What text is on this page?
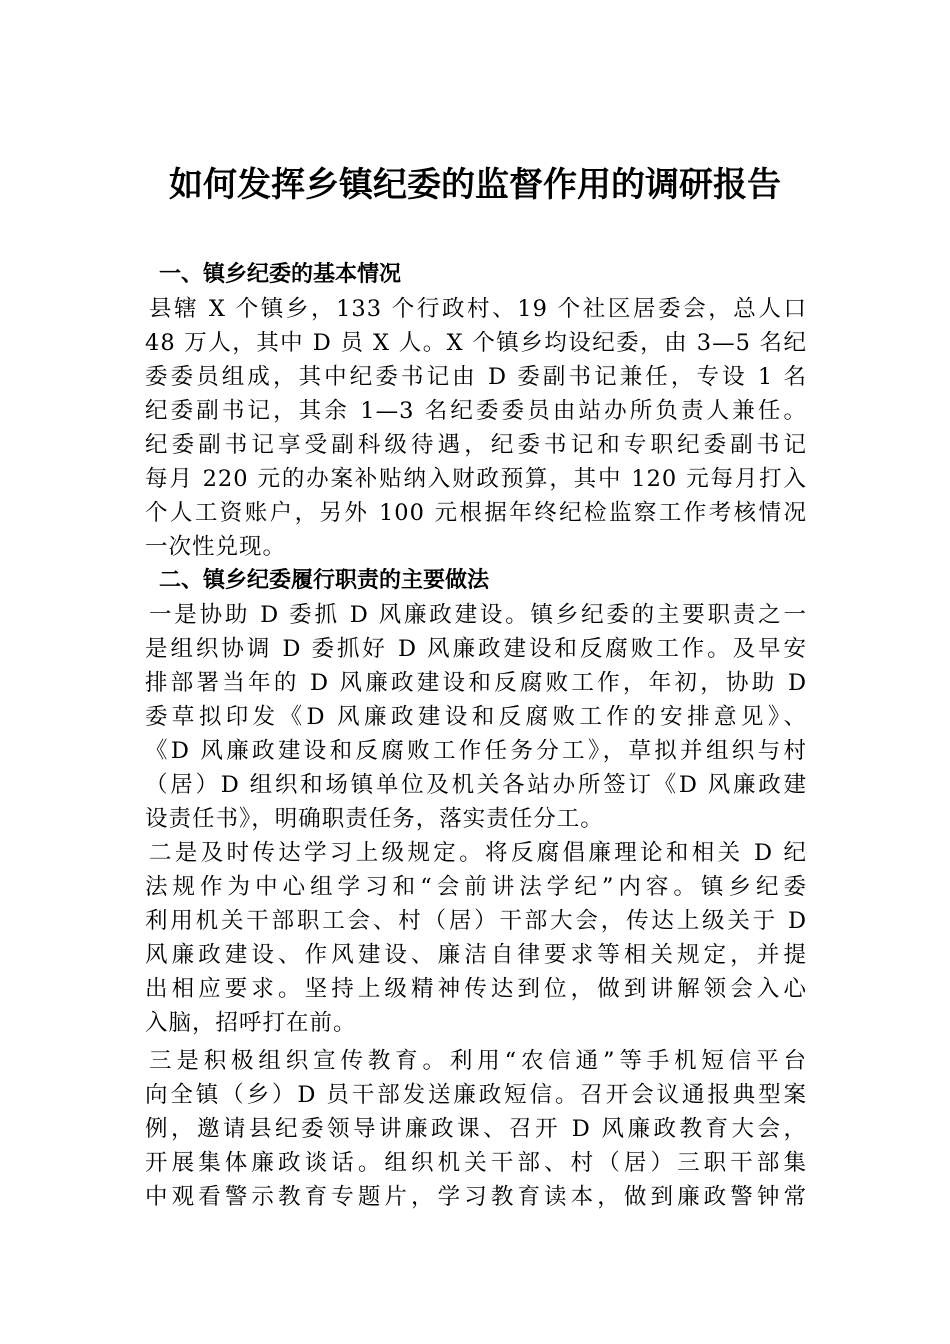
如何发挥乡镇纪委的监督作用的调研报告
一、镇乡纪委的基本情况
县辖 X 个镇乡，133 个行政村、19 个社区居委会，总人口
48 万人，其中 D 员 X 人。X 个镇乡均设纪委，由 3—5 名纪
委委员组成，其中纪委书记由 D 委副书记兼任，专设 1 名
纪委副书记，其余 1—3 名纪委委员由站办所负责人兼任。
纪委副书记享受副科级待遇，纪委书记和专职纪委副书记
每月 220 元的办案补贴纳入财政预算，其中 120 元每月打入
个人工资账户，另外 100 元根据年终纪检监察工作考核情况
一次性兑现。
二、镇乡纪委履行职责的主要做法
一是协助 D 委抓 D 风廉政建设。镇乡纪委的主要职责之一
是组织协调 D 委抓好 D 风廉政建设和反腐败工作。及早安
排部署当年的 D 风廉政建设和反腐败工作，年初，协助 D
委草拟印发《D 风廉政建设和反腐败工作的安排意见》、
《D 风廉政建设和反腐败工作任务分工》，草拟并组织与村
（居）D 组织和场镇单位及机关各站办所签订《D 风廉政建
设责任书》，明确职责任务，落实责任分工。
二是及时传达学习上级规定。将反腐倡廉理论和相关 D 纪
法规作为中心组学习和“会前讲法学纪”内容。镇乡纪委
利用机关干部职工会、村（居）干部大会，传达上级关于 D
风廉政建设、作风建设、廉洁自律要求等相关规定，并提
出相应要求。坚持上级精神传达到位，做到讲解领会入心
入脑，招呼打在前。
三是积极组织宣传教育。利用“农信通”等手机短信平台
向全镇（乡）D 员干部发送廉政短信。召开会议通报典型案
例，邀请县纪委领导讲廉政课、召开 D 风廉政教育大会，
开展集体廉政谈话。组织机关干部、村（居）三职干部集
中观看警示教育专题片，学习教育读本，做到廉政警钟常
